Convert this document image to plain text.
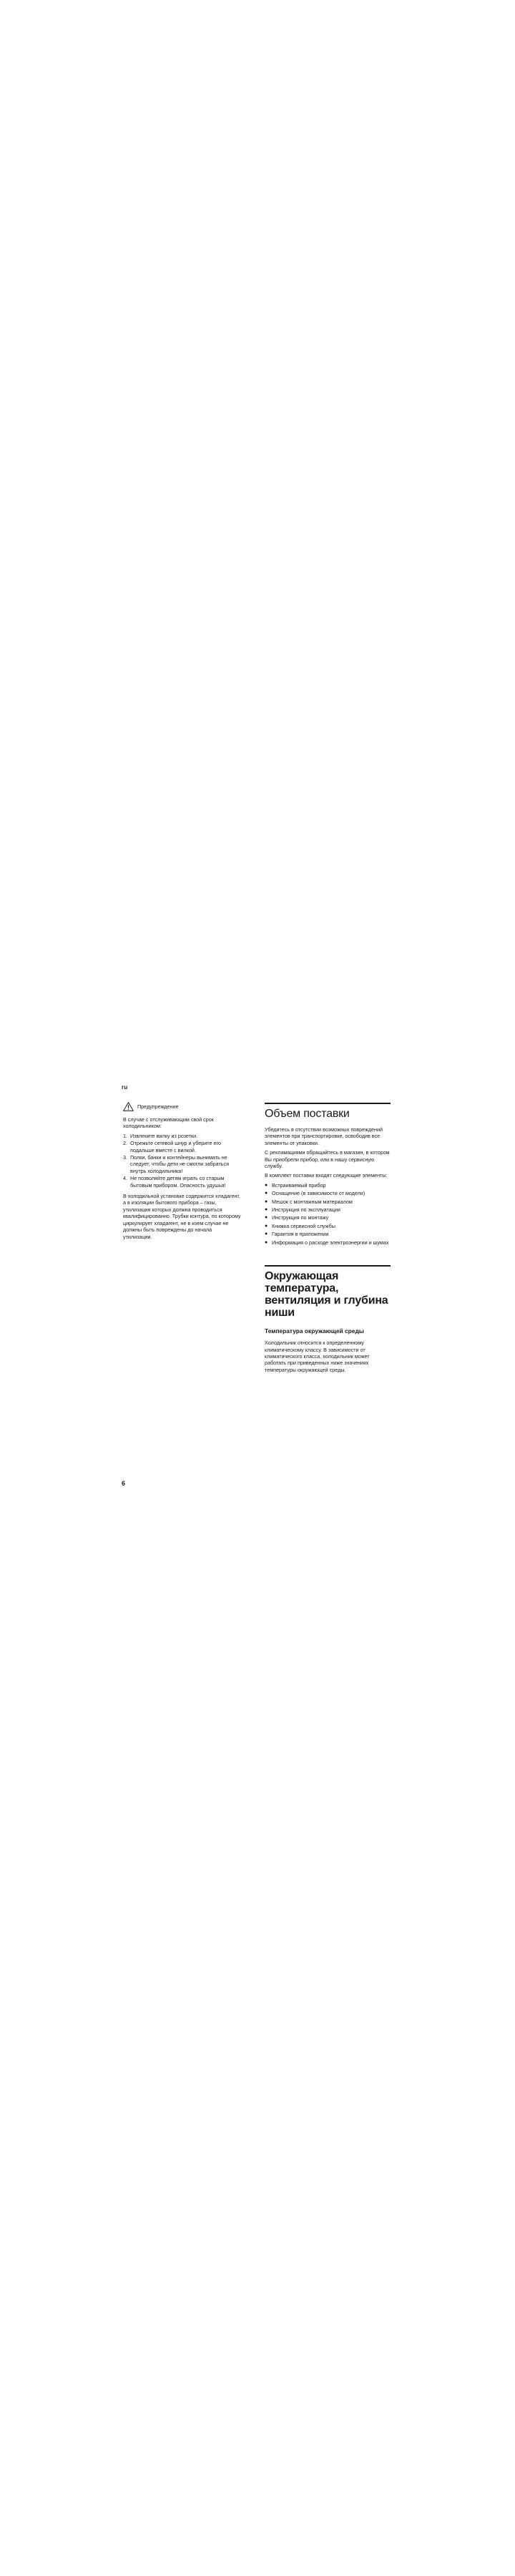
ru
Предупреждение

В случае с отслуживающим свой срок холодильником:

1. Извлеките вилку из розетки.
2. Отрежьте сетевой шнур и уберите его подальше вместе с вилкой.
3. Полки, банки и контейнеры вынимать не следует, чтобы дети не смогли забраться внутрь холодильника!
4. Не позволяйте детям играть со старым бытовым прибором. Опасность удушья!

В холодильной установке содержится хладагент, а в изоляции бытового прибора – газы, утилизация которых должна проводиться квалифицированно. Трубки контура, по которому циркулирует хладагент, не в коем случае не должны быть повреждены до начала утилизации.

Объем поставки

Убедитесь в отсутствии возможных повреждений элементов при транспортировке, освободив все элементы от упаковки.

С рекламациями обращайтесь в магазин, в котором Вы приобрели прибор, или в нашу сервисную службу.

В комплект поставки входят следующие элементы:

● Встраиваемый прибор
● Оснащение (в зависимости от модели)
● Мешок с монтажным материалом
● Инструкция по эксплуатации
● Инструкция по монтажу
● Книжка сервисной службы
● Гарантия в приложении
● Информация о расходе электроэнергии и шумах
Окружающая температура, вентиляция и глубина ниши
Температура окружающей среды

Холодильник относится к определенному климатическому классу. В зависимости от климатического класса, холодильник может работать при приведенных ниже значениях температуры окружающей среды.

6
